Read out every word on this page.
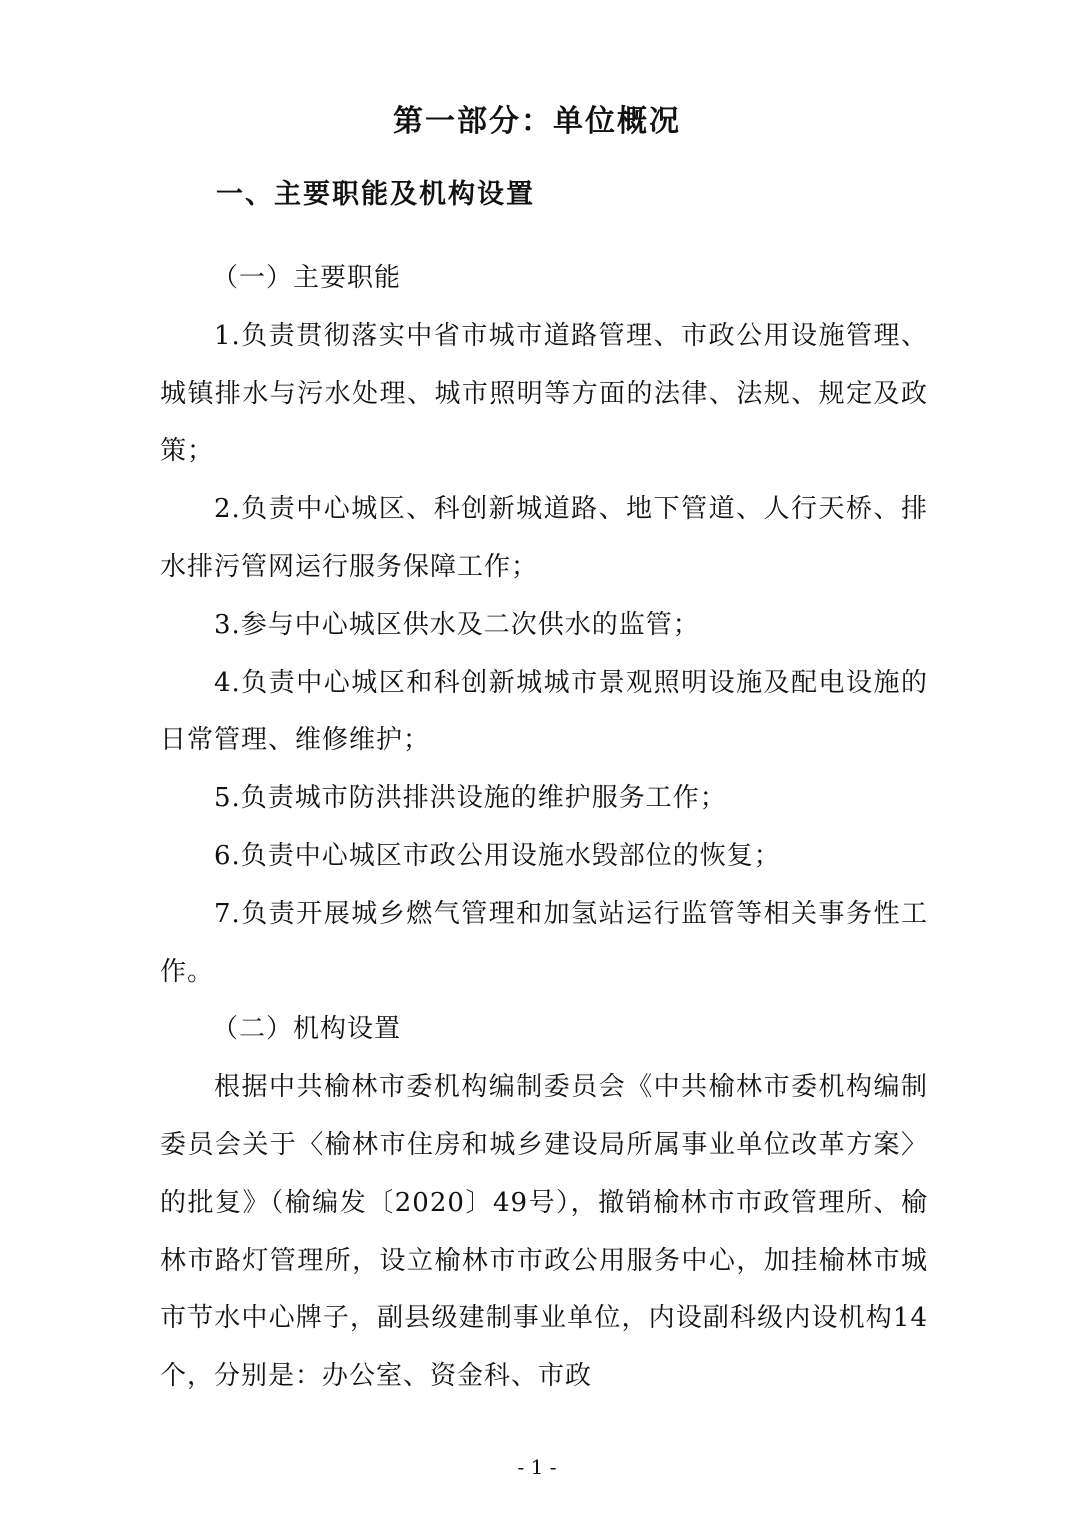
第一部分：单位概况
一、主要职能及机构设置

（一）主要职能

1.负责贯彻落实中省市城市道路管理、市政公用设施管理、城镇排水与污水处理、城市照明等方面的法律、法规、规定及政策；

2.负责中心城区、科创新城道路、地下管道、人行天桥、排水排污管网运行服务保障工作；

3.参与中心城区供水及二次供水的监管；

4.负责中心城区和科创新城城市景观照明设施及配电设施的日常管理、维修维护；

5.负责城市防洪排洪设施的维护服务工作；

6.负责中心城区市政公用设施水毁部位的恢复；

7.负责开展城乡燃气管理和加氢站运行监管等相关事务性工作。

（二）机构设置

根据中共榆林市委机构编制委员会《中共榆林市委机构编制委员会关于〈榆林市住房和城乡建设局所属事业单位改革方案〉的批复》（榆编发〔2020〕49号），撤销榆林市市政管理所、榆林市路灯管理所，设立榆林市市政公用服务中心，加挂榆林市城市节水中心牌子，副县级建制事业单位，内设副科级内设机构14个，分别是：办公室、资金科、市政

- 1 -
